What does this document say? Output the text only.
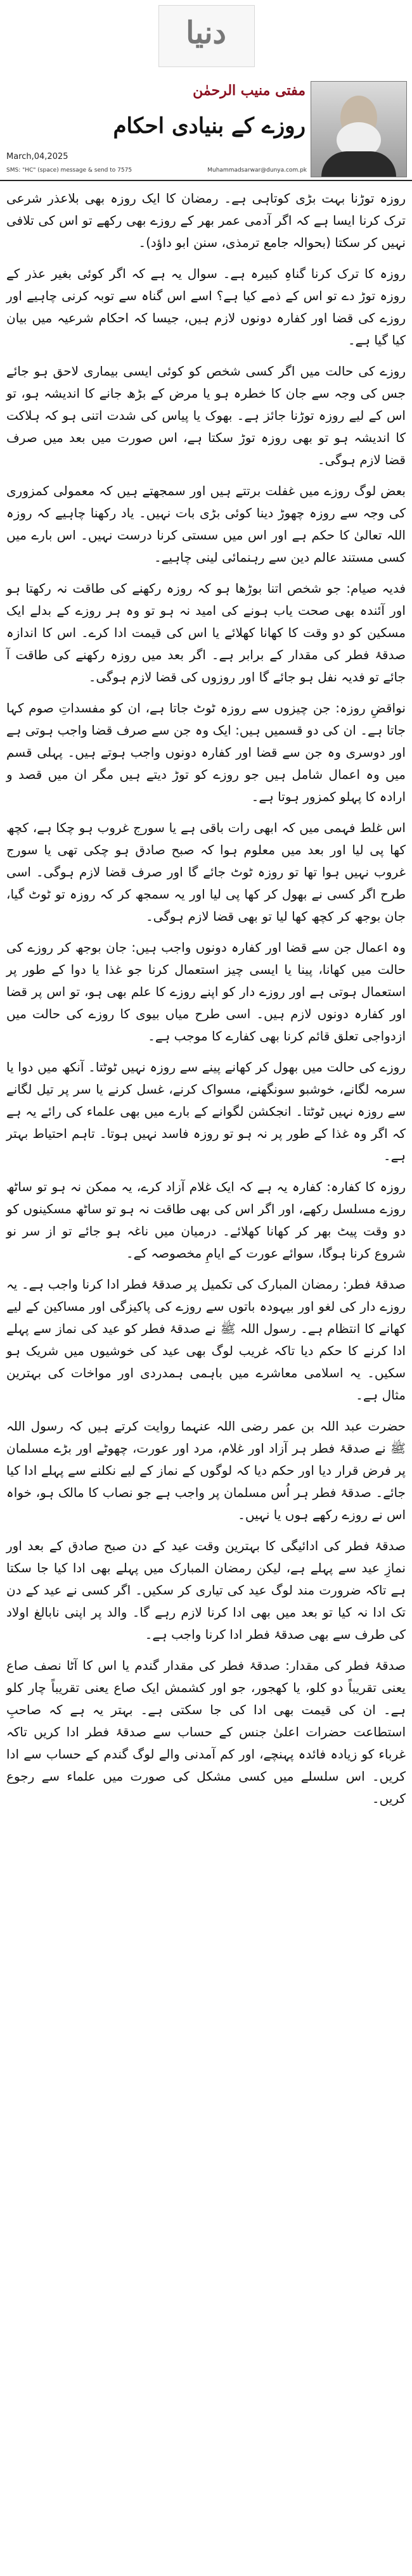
دنیا
مفتی منیب الرحمٰن
روزے کے بنیادی احکام
March,04,2025
SMS: "HC" (space) message & send to 7575	Muhammadsarwar@dunya.com.pk

روزہ توڑنا بہت بڑی کوتاہی ہے۔ رمضان کا ایک روزہ بھی بلاعذر شرعی ترک کرنا ایسا ہے کہ اگر آدمی عمر بھر کے روزے بھی رکھے تو اس کی تلافی نہیں کر سکتا (بحوالہ جامع ترمذی، سنن ابو داؤد)۔

روزہ کا ترک کرنا گناہِ کبیرہ ہے۔ سوال یہ ہے کہ اگر کوئی بغیر عذر کے روزہ توڑ دے تو اس کے ذمے کیا ہے؟ اسے اس گناہ سے توبہ کرنی چاہیے اور روزے کی قضا اور کفارہ دونوں لازم ہیں، جیسا کہ احکام شرعیہ میں بیان کیا گیا ہے۔

روزے کی حالت میں اگر کسی شخص کو کوئی ایسی بیماری لاحق ہو جائے جس کی وجہ سے جان کا خطرہ ہو یا مرض کے بڑھ جانے کا اندیشہ ہو، تو اس کے لیے روزہ توڑنا جائز ہے۔ بھوک یا پیاس کی شدت اتنی ہو کہ ہلاکت کا اندیشہ ہو تو بھی روزہ توڑ سکتا ہے، اس صورت میں بعد میں صرف قضا لازم ہوگی۔

بعض لوگ روزے میں غفلت برتتے ہیں اور سمجھتے ہیں کہ معمولی کمزوری کی وجہ سے روزہ چھوڑ دینا کوئی بڑی بات نہیں۔ یاد رکھنا چاہیے کہ روزہ اللہ تعالیٰ کا حکم ہے اور اس میں سستی کرنا درست نہیں۔ اس بارے میں کسی مستند عالم دین سے رہنمائی لینی چاہیے۔

فدیہ صیام: جو شخص اتنا بوڑھا ہو کہ روزہ رکھنے کی طاقت نہ رکھتا ہو اور آئندہ بھی صحت یاب ہونے کی امید نہ ہو تو وہ ہر روزے کے بدلے ایک مسکین کو دو وقت کا کھانا کھلائے یا اس کی قیمت ادا کرے۔ اس کا اندازہ صدقۂ فطر کی مقدار کے برابر ہے۔ اگر بعد میں روزہ رکھنے کی طاقت آ جائے تو فدیہ نفل ہو جائے گا اور روزوں کی قضا لازم ہوگی۔

نواقضِ روزہ: جن چیزوں سے روزہ ٹوٹ جاتا ہے، ان کو مفسداتِ صوم کہا جاتا ہے۔ ان کی دو قسمیں ہیں: ایک وہ جن سے صرف قضا واجب ہوتی ہے اور دوسری وہ جن سے قضا اور کفارہ دونوں واجب ہوتے ہیں۔ پہلی قسم میں وہ اعمال شامل ہیں جو روزے کو توڑ دیتے ہیں مگر ان میں قصد و ارادہ کا پہلو کمزور ہوتا ہے۔

اس غلط فہمی میں کہ ابھی رات باقی ہے یا سورج غروب ہو چکا ہے، کچھ کھا پی لیا اور بعد میں معلوم ہوا کہ صبح صادق ہو چکی تھی یا سورج غروب نہیں ہوا تھا تو روزہ ٹوٹ جائے گا اور صرف قضا لازم ہوگی۔ اسی طرح اگر کسی نے بھول کر کھا پی لیا اور یہ سمجھ کر کہ روزہ تو ٹوٹ گیا، جان بوجھ کر کچھ کھا لیا تو بھی قضا لازم ہوگی۔

وہ اعمال جن سے قضا اور کفارہ دونوں واجب ہیں: جان بوجھ کر روزے کی حالت میں کھانا، پینا یا ایسی چیز استعمال کرنا جو غذا یا دوا کے طور پر استعمال ہوتی ہے اور روزے دار کو اپنے روزے کا علم بھی ہو، تو اس پر قضا اور کفارہ دونوں لازم ہیں۔ اسی طرح میاں بیوی کا روزے کی حالت میں ازدواجی تعلق قائم کرنا بھی کفارے کا موجب ہے۔

روزے کی حالت میں بھول کر کھانے پینے سے روزہ نہیں ٹوٹتا۔ آنکھ میں دوا یا سرمہ لگانے، خوشبو سونگھنے، مسواک کرنے، غسل کرنے یا سر پر تیل لگانے سے روزہ نہیں ٹوٹتا۔ انجکشن لگوانے کے بارے میں بھی علماء کی رائے یہ ہے کہ اگر وہ غذا کے طور پر نہ ہو تو روزہ فاسد نہیں ہوتا۔ تاہم احتیاط بہتر ہے۔

روزہ کا کفارہ: کفارہ یہ ہے کہ ایک غلام آزاد کرے، یہ ممکن نہ ہو تو ساٹھ روزے مسلسل رکھے، اور اگر اس کی بھی طاقت نہ ہو تو ساٹھ مسکینوں کو دو وقت پیٹ بھر کر کھانا کھلائے۔ درمیان میں ناغہ ہو جائے تو از سر نو شروع کرنا ہوگا، سوائے عورت کے ایامِ مخصوصہ کے۔

صدقۂ فطر: رمضان المبارک کی تکمیل پر صدقۂ فطر ادا کرنا واجب ہے۔ یہ روزے دار کی لغو اور بیہودہ باتوں سے روزے کی پاکیزگی اور مساکین کے لیے کھانے کا انتظام ہے۔ رسول اللہ ﷺ نے صدقۂ فطر کو عید کی نماز سے پہلے ادا کرنے کا حکم دیا تاکہ غریب لوگ بھی عید کی خوشیوں میں شریک ہو سکیں۔ یہ اسلامی معاشرے میں باہمی ہمدردی اور مواخات کی بہترین مثال ہے۔

حضرت عبد اللہ بن عمر رضی اللہ عنہما روایت کرتے ہیں کہ رسول اللہ ﷺ نے صدقۂ فطر ہر آزاد اور غلام، مرد اور عورت، چھوٹے اور بڑے مسلمان پر فرض قرار دیا اور حکم دیا کہ لوگوں کے نماز کے لیے نکلنے سے پہلے ادا کیا جائے۔ صدقۂ فطر ہر اُس مسلمان پر واجب ہے جو نصاب کا مالک ہو، خواہ اس نے روزے رکھے ہوں یا نہیں۔

صدقۂ فطر کی ادائیگی کا بہترین وقت عید کے دن صبح صادق کے بعد اور نمازِ عید سے پہلے ہے، لیکن رمضان المبارک میں پہلے بھی ادا کیا جا سکتا ہے تاکہ ضرورت مند لوگ عید کی تیاری کر سکیں۔ اگر کسی نے عید کے دن تک ادا نہ کیا تو بعد میں بھی ادا کرنا لازم رہے گا۔ والد پر اپنی نابالغ اولاد کی طرف سے بھی صدقۂ فطر ادا کرنا واجب ہے۔

صدقۂ فطر کی مقدار: صدقۂ فطر کی مقدار گندم یا اس کا آٹا نصف صاع یعنی تقریباً دو کلو، یا کھجور، جو اور کشمش ایک صاع یعنی تقریباً چار کلو ہے۔ ان کی قیمت بھی ادا کی جا سکتی ہے۔ بہتر یہ ہے کہ صاحبِ استطاعت حضرات اعلیٰ جنس کے حساب سے صدقۂ فطر ادا کریں تاکہ غرباء کو زیادہ فائدہ پہنچے، اور کم آمدنی والے لوگ گندم کے حساب سے ادا کریں۔ اس سلسلے میں کسی مشکل کی صورت میں علماء سے رجوع کریں۔
